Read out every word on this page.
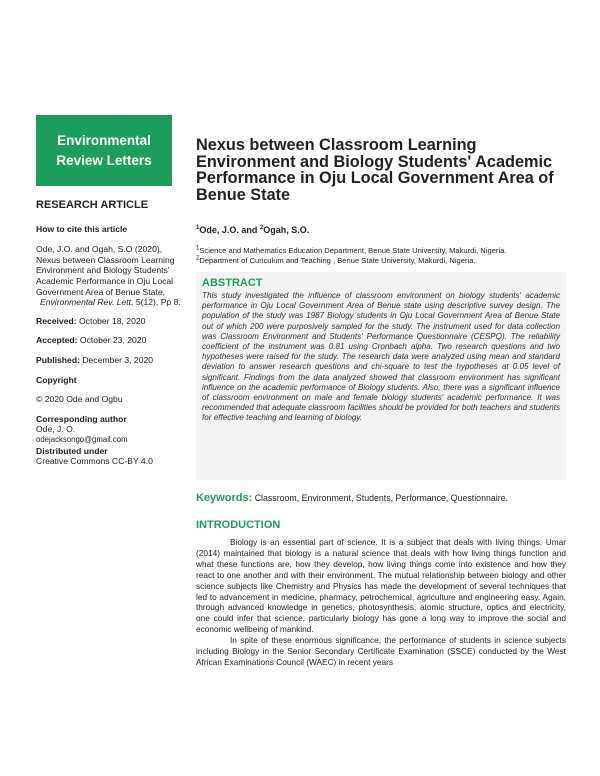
Environmental
Review Letters
RESEARCH ARTICLE
How to cite this article
Ode, J.O. and Ogah, S.O (2020), Nexus between Classroom Learning Environment and Biology Students' Academic Performance in Oju Local Government Area of Benue State,
Environmental Rev. Lett. 5(12), Pp 8.
Received: October 18, 2020
Accepted: October 23, 2020
Published: December 3, 2020
Copyright
© 2020 Ode and Ogbu
Corresponding author
Ode, J. O.
odejacksongo@gmail.com
Distributed under
Creative Commons CC-BY 4.0
Nexus between Classroom Learning Environment and Biology Students' Academic Performance in Oju Local Government Area of Benue State
$^1$Ode, J.O. and $^2$Ogah, S.O.
$^1$Science and Mathematics Education Department, Benue State University, Makurdi, Nigeria.
$^2$Department of Curiculum and Teaching , Benue State University, Makurdi, Nigeria.
ABSTRACT

This study investigated the influence of classroom environment on biology students' academic performance in Oju Local Government Area of Benue state using descriptive survey design. The population of the study was 1987 Biology students in Oju Local Government Area of Benue State out of which 200 were purposively sampled for the study. The instrument used for data collection was Classroom Environment and Students' Performance Questionnaire (CESPQ). The reliability coefficient of the instrument was 0.81 using Cronbach alpha. Two research questions and two hypotheses were raised for the study. The research data were analyzed using mean and standard deviation to answer research questions and chi-square to test the hypotheses at 0.05 level of significant. Findings from the data analyzed showed that classroom environment has significant influence on the academic performance of Biology students. Also, there was a significant influence of classroom environment on male and female biology students' academic performance. It was recommended that adequate classroom facilities should be provided for both teachers and students for effective teaching and learning of biology.

Keywords: Classroom, Environment, Students, Performance, Questionnaire.
INTRODUCTION

Biology is an essential part of science. It is a subject that deals with living things. Umar (2014) maintained that biology is a natural science that deals with how living things function and what these functions are, how they develop, how living things come into existence and how they react to one another and with their environment. The mutual relationship between biology and other science subjects like Chemistry and Physics has made the development of several techniques that led to advancement in medicine, pharmacy, petrochemical, agriculture and engineering easy. Again, through advanced knowledge in genetics, photosynthesis, atomic structure, optics and electricity, one could infer that science, particularly biology has gone a long way to improve the social and economic wellbeing of mankind.

In spite of these enormous significance, the performance of students in science subjects including Biology in the Senior Secondary Certificate Examination (SSCE) conducted by the West African Examinations Council (WAEC) in recent years
